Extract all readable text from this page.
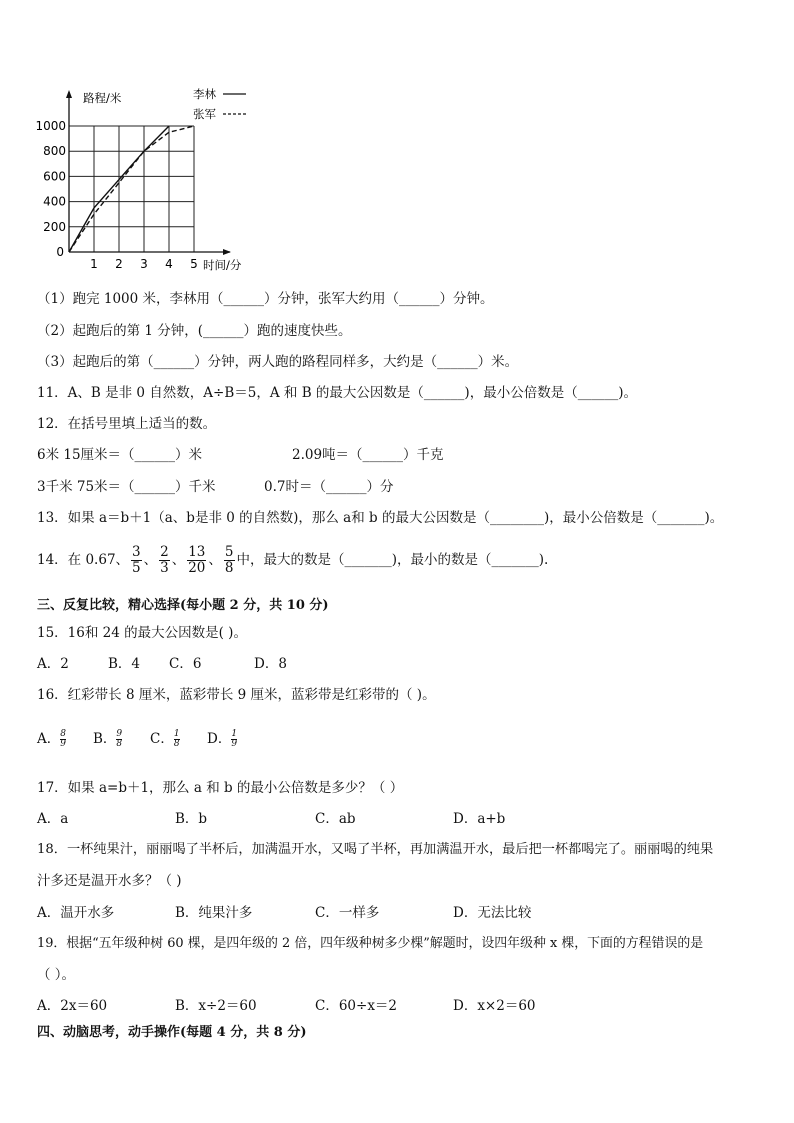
1 2 3 4 5
1000
800
600
400
200
0
路程/米
时间/分
李林
张军
（1）跑完 1000 米，李林用（______）分钟，张军大约用（______）分钟。
（2）起跑后的第 1 分钟，(______）跑的速度快些。
（3）起跑后的第（______）分钟，两人跑的路程同样多，大约是（______）米。
11．A、B 是非 0 自然数，A÷B＝5，A 和 B 的最大公因数是（______)，最小公倍数是（______)。
12．在括号里填上适当的数。
6米 15厘米＝（______）米	2.09吨＝（______）千克
3千米 75米＝（______）千米	0.7时＝（______）分
13．如果 a＝b＋1（a、b是非 0 的自然数)，那么 a和 b 的最大公因数是（________)，最小公倍数是（_______)。
14．在 0.67、 $\frac{3}{5}$ 、 $\frac{2}{3}$ 、 $\frac{13}{20}$ 、 $\frac{5}{8}$ 中，最大的数是（_______)，最小的数是（_______).
三、反复比较，精心选择(每小题 2 分，共 10 分)
15．16和 24 的最大公因数是( )。
A．2	B．4 C．6	D．8
16．红彩带长 8 厘米，蓝彩带长 9 厘米，蓝彩带是红彩带的（ )。
A． $\frac{8}{9}$ B． $\frac{9}{8}$ C． $\frac{1}{8}$ D． $\frac{1}{9}$
17．如果 a=b＋1，那么 a 和 b 的最小公倍数是多少？（ ）
A．a	B．b	C．ab	D．a+b
18．一杯纯果汁，丽丽喝了半杯后，加满温开水，又喝了半杯，再加满温开水，最后把一杯都喝完了。丽丽喝的纯果
汁多还是温开水多？（ )
A．温开水多	B．纯果汁多	C．一样多	D．无法比较
19．根据“五年级种树 60 棵，是四年级的 2 倍，四年级种树多少棵”解题时，设四年级种 x 棵，下面的方程错误的是
（ ）。
A．2x＝60	B．x÷2＝60	C．60÷x＝2	D．x×2＝60
四、动脑思考，动手操作(每题 4 分，共 8 分)
